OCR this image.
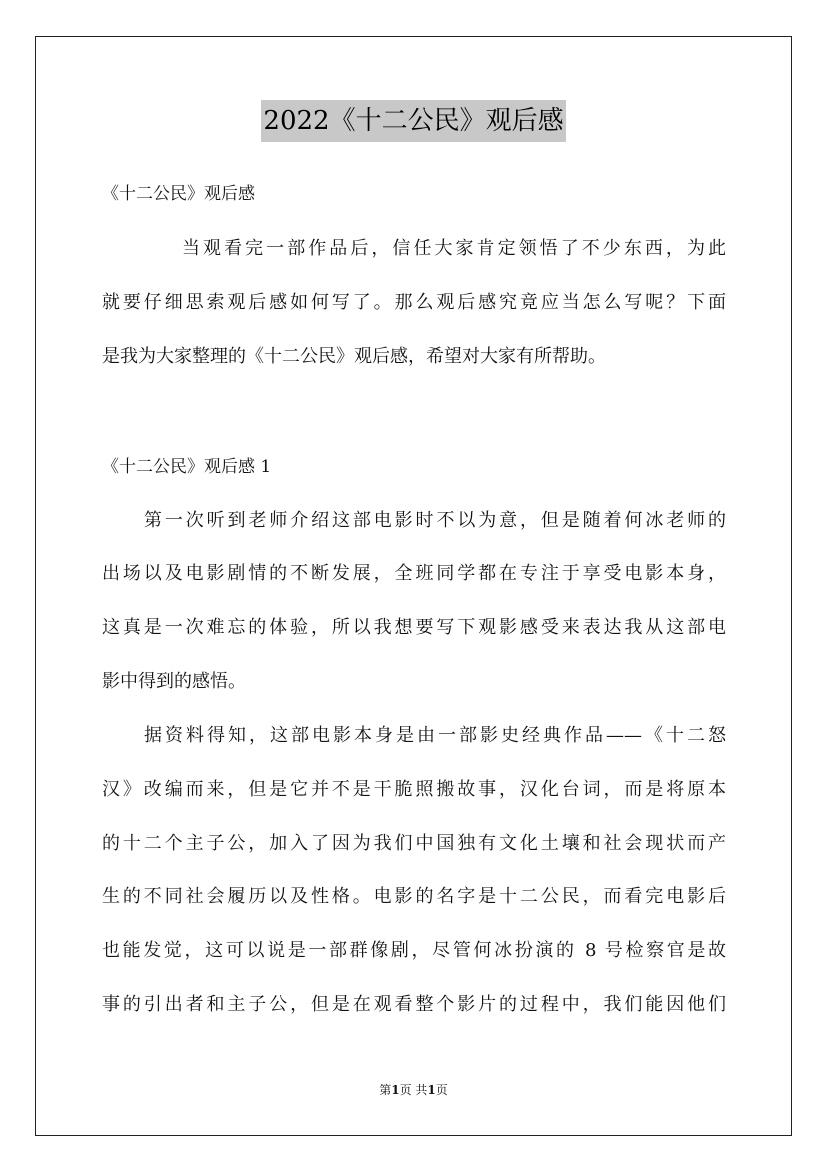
2022《十二公民》观后感
《十二公民》观后感
当观看完一部作品后，信任大家肯定领悟了不少东西，为此
就要仔细思索观后感如何写了。那么观后感究竟应当怎么写呢？下面
是我为大家整理的《十二公民》观后感，希望对大家有所帮助。
《十二公民》观后感 1
第一次听到老师介绍这部电影时不以为意，但是随着何冰老师的
出场以及电影剧情的不断发展，全班同学都在专注于享受电影本身，
这真是一次难忘的体验，所以我想要写下观影感受来表达我从这部电
影中得到的感悟。
据资料得知，这部电影本身是由一部影史经典作品——《十二怒
汉》改编而来，但是它并不是干脆照搬故事，汉化台词，而是将原本
的十二个主子公，加入了因为我们中国独有文化土壤和社会现状而产
生的不同社会履历以及性格。电影的名字是十二公民，而看完电影后
也能发觉，这可以说是一部群像剧，尽管何冰扮演的 8 号检察官是故
事的引出者和主子公，但是在观看整个影片的过程中，我们能因他们
第1页 共1页
